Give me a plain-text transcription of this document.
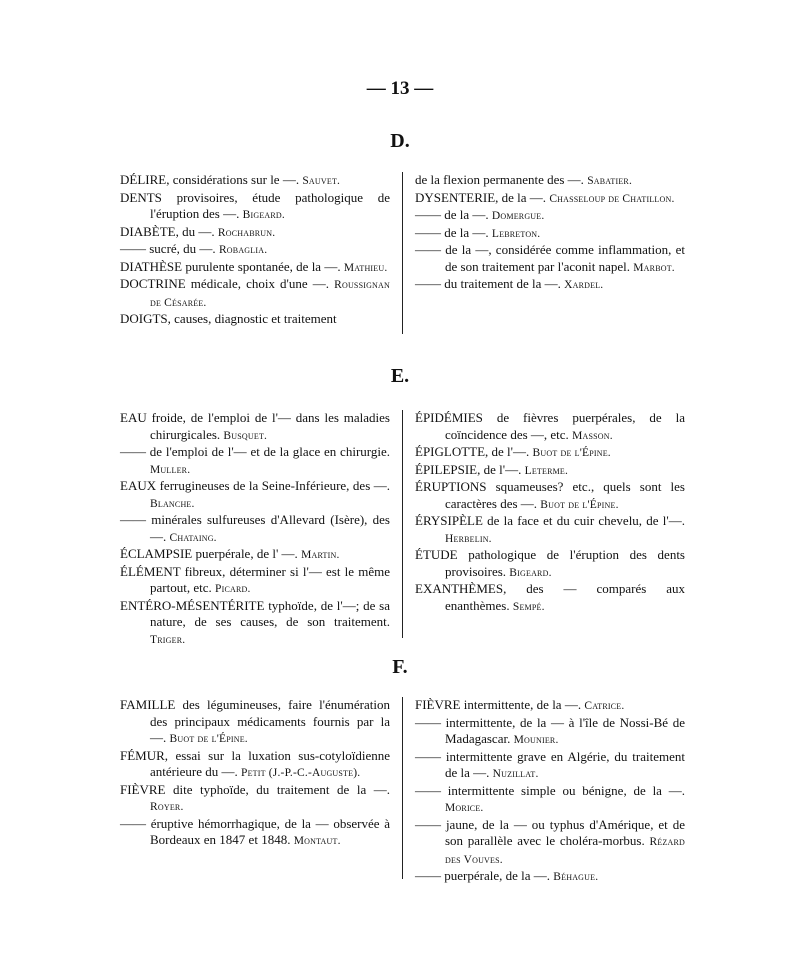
— 13 —
D.

DÉLIRE, considérations sur le —. Sauvet.

DENTS provisoires, étude pathologique de l'éruption des —. Bigeard.

DIABÈTE, du —. Rochabrun.

—— sucré, du —. Robaglia.

DIATHÈSE purulente spontanée, de la —. Mathieu.

DOCTRINE médicale, choix d'une —. Roussignan de Césarée.

DOIGTS, causes, diagnostic et traitement

de la flexion permanente des —. Sabatier.

DYSENTERIE, de la —. Chasseloup de Chatillon.

—— de la —. Domergue.

—— de la —. Lebreton.

—— de la —, considérée comme inflammation, et de son traitement par l'aconit napel. Marbot.

—— du traitement de la —. Xardel.

E.

EAU froide, de l'emploi de l'— dans les maladies chirurgicales. Busquet.

—— de l'emploi de l'— et de la glace en chirurgie. Muller.

EAUX ferrugineuses de la Seine-Inférieure, des —. Blanche.

—— minérales sulfureuses d'Allevard (Isère), des —. Chataing.

ÉCLAMPSIE puerpérale, de l' —. Martin.

ÉLÉMENT fibreux, déterminer si l'— est le même partout, etc. Picard.

ENTÉRO-MÉSENTÉRITE typhoïde, de l'—; de sa nature, de ses causes, de son traitement. Triger.

ÉPIDÉMIES de fièvres puerpérales, de la coïncidence des —, etc. Masson.

ÉPIGLOTTE, de l'—. Buot de l'Épine.

ÉPILEPSIE, de l'—. Leterme.

ÉRUPTIONS squameuses? etc., quels sont les caractères des —. Buot de l'Épine.

ÉRYSIPÈLE de la face et du cuir chevelu, de l'—. Herbelin.

ÉTUDE pathologique de l'éruption des dents provisoires. Bigeard.

EXANTHÈMES, des — comparés aux enanthèmes. Sempé.

F.

FAMILLE des légumineuses, faire l'énumération des principaux médicaments fournis par la —. Buot de l'Épine.

FÉMUR, essai sur la luxation sus-cotyloïdienne antérieure du —. Petit (J.-P.-C.-Auguste).

FIÈVRE dite typhoïde, du traitement de la —. Royer.

—— éruptive hémorrhagique, de la — observée à Bordeaux en 1847 et 1848. Montaut.

FIÈVRE intermittente, de la —. Catrice.

—— intermittente, de la — à l'île de Nossi-Bé de Madagascar. Mounier.

—— intermittente grave en Algérie, du traitement de la —. Nuzillat.

—— intermittente simple ou bénigne, de la —. Morice.

—— jaune, de la — ou typhus d'Amérique, et de son parallèle avec le choléra-morbus. Rézard des Vouves.

—— puerpérale, de la —. Béhague.
